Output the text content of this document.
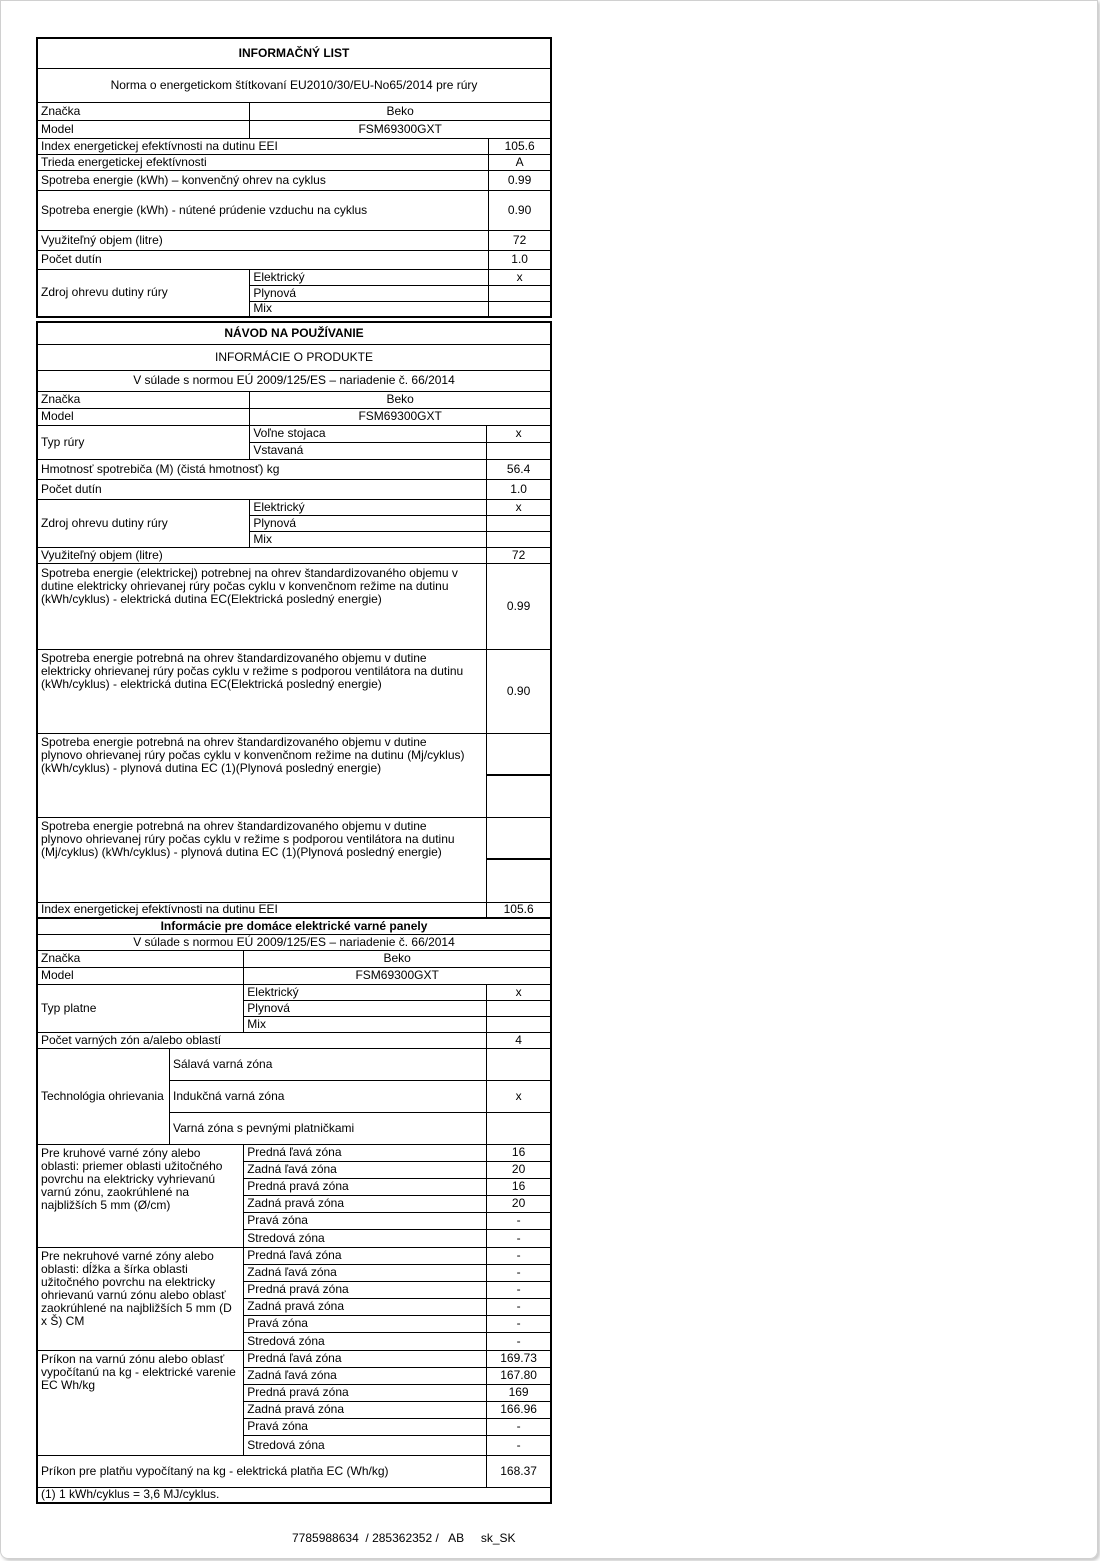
INFORMAČNÝ LIST		
Norma o energetickom štítkovaní EU2010/30/EU-No65/2014 pre rúry		
Značka	Beko	
Model	FSM69300GXT	
Index energetickej efektívnosti na dutinu EEI		105.6
Trieda energetickej efektívnosti		A
Spotreba energie (kWh) – konvenčný ohrev na cyklus		0.99
Spotreba energie (kWh) - nútené prúdenie vzduchu na cyklus		0.90
Využiteľný objem (litre)		72
Počet dutín		1.0
Zdroj ohrevu dutiny rúry	Elektrický	x
	Plynová	
	Mix	
NÁVOD NA POUŽÍVANIE		
INFORMÁCIE O PRODUKTE		
V súlade s normou EÚ 2009/125/ES – nariadenie č. 66/2014		
Značka	Beko	
Model	FSM69300GXT	
Typ rúry	Voľne stojaca	x
	Vstavaná	
Hmotnosť spotrebiča (M) (čistá hmotnosť) kg		56.4
Počet dutín		1.0
Zdroj ohrevu dutiny rúry	Elektrický	x
	Plynová	
	Mix	
Využiteľný objem (litre)		72
Spotreba energie (elektrickej) potrebnej na ohrev štandardizovaného objemu v dutine elektricky ohrievanej rúry počas cyklu v konvenčnom režime na dutinu (kWh/cyklus) - elektrická dutina EC(Elektrická posledný energie)		0.99
Spotreba energie potrebná na ohrev štandardizovaného objemu v dutine elektricky ohrievanej rúry počas cyklu v režime s podporou ventilátora na dutinu (kWh/cyklus) - elektrická dutina EC(Elektrická posledný energie)		0.90
Spotreba energie potrebná na ohrev štandardizovaného objemu v dutine plynovo ohrievanej rúry počas cyklu v konvenčnom režime na dutinu (Mj/cyklus) (kWh/cyklus) - plynová dutina EC (1)(Plynová posledný energie)		

Spotreba energie potrebná na ohrev štandardizovaného objemu v dutine plynovo ohrievanej rúry počas cyklu v režime s podporou ventilátora na dutinu (Mj/cyklus) (kWh/cyklus) - plynová dutina EC (1)(Plynová posledný energie)		

Index energetickej efektívnosti na dutinu EEI		105.6
Informácie pre domáce elektrické varné panely			
V súlade s normou EÚ 2009/125/ES – nariadenie č. 66/2014			
Značka		Beko	
Model		FSM69300GXT	
Typ platne		Elektrický	x
		Plynová	
		Mix	
Počet varných zón a/alebo oblastí			4
Technológia ohrievania	Sálavá varná zóna		
	Indukčná varná zóna		x
	Varná zóna s pevnými platničkami		
Pre kruhové varné zóny alebo oblasti: priemer oblasti užitočného povrchu na elektricky vyhrievanú varnú zónu, zaokrúhlené na najbližších 5 mm (Ø/cm)		Predná ľavá zóna	16
		Zadná ľavá zóna	20
		Predná pravá zóna	16
		Zadná pravá zóna	20
		Pravá zóna	-
		Stredová zóna	-
Pre nekruhové varné zóny alebo oblasti: dĺžka a šírka oblasti užitočného povrchu na elektricky ohrievanú varnú zónu alebo oblasť zaokrúhlené na najbližších 5 mm (D x Š) CM		Predná ľavá zóna	-
		Zadná ľavá zóna	-
		Predná pravá zóna	-
		Zadná pravá zóna	-
		Pravá zóna	-
		Stredová zóna	-
Príkon na varnú zónu alebo oblasť vypočítanú na kg - elektrické varenie EC Wh/kg		Predná ľavá zóna	169.73
		Zadná ľavá zóna	167.80
		Predná pravá zóna	169
		Zadná pravá zóna	166.96
		Pravá zóna	-
		Stredová zóna	-
Príkon pre platňu vypočítaný na kg - elektrická platňa EC (Wh/kg)			168.37
(1) 1 kWh/cyklus = 3,6 MJ/cyklus.			
7785988634  / 285362352 /   AB     sk_SK
